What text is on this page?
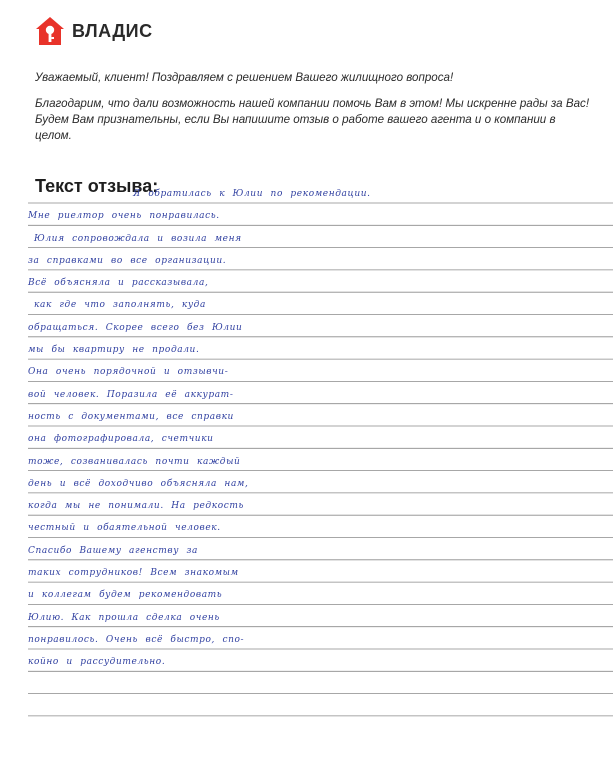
ВЛАДИС

Уважаемый, клиент! Поздравляем с решением Вашего жилищного вопроса!

Благодарим, что дали возможность нашей компании помочь Вам в этом! Мы искренне рады за Вас! Будем Вам признательны, если Вы напишите отзыв о работе вашего агента и о компании в целом.

Текст отзыва:
Я обратилась к Юлии по рекомендации.
Мне риелтор очень понравилась.
Юлия сопровождала и возила меня
за справками во все организации.
Всё объясняла и рассказывала,
как где что заполнять, куда
обращаться. Скорее всего без Юлии
мы бы квартиру не продали.
Она очень порядочной и отзывчи-
вой человек. Поразила её аккурат-
ность с документами, все справки
она фотографировала, счетчики
тоже, созванивалась почти каждый
день и всё доходчиво объясняла нам,
когда мы не понимали. На редкость
честный и обаятельной человек.
Спасибо Вашему агенству за
таких сотрудников! Всем знакомым
и коллегам будем рекомендовать
Юлию. Как прошла сделка очень
понравилось. Очень всё быстро, спо-
койно и рассудительно.
